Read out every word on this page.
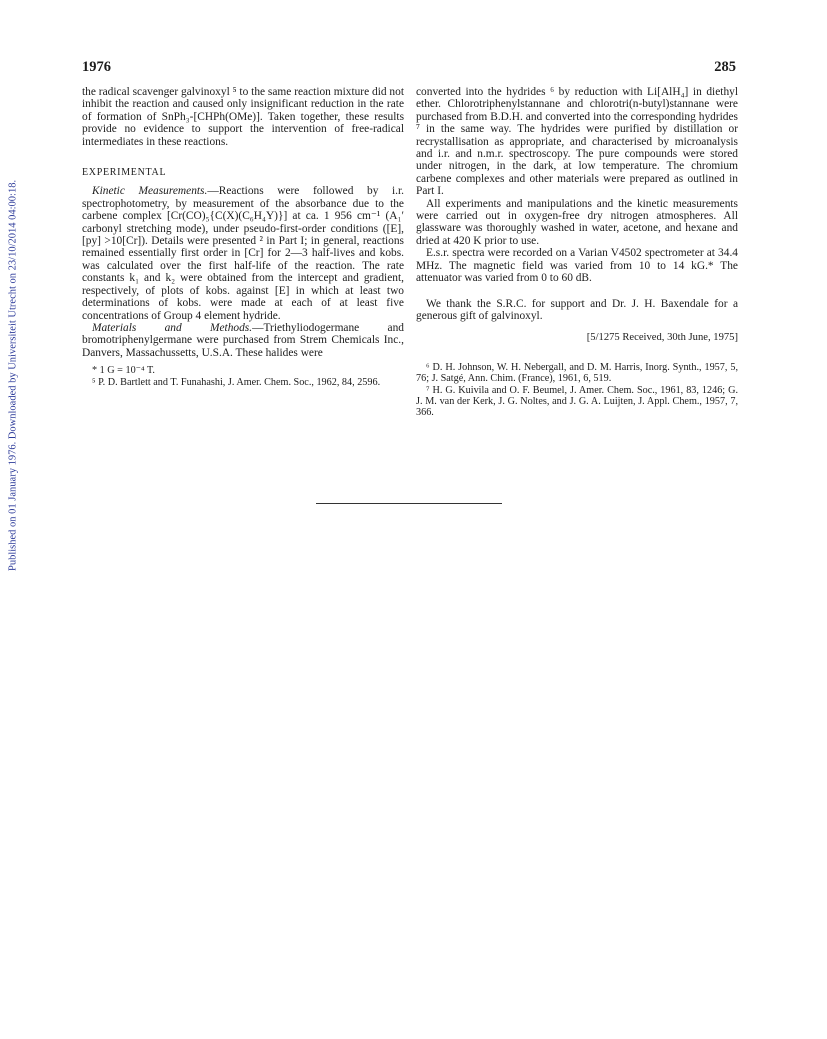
Published on 01 January 1976. Downloaded by Universiteit Utrecht on 23/10/2014 04:00:18.
1976	285

the radical scavenger galvinoxyl ⁵ to the same reaction mixture did not inhibit the reaction and caused only insignificant reduction in the rate of formation of SnPh₃-[CHPh(OMe)]. Taken together, these results provide no evidence to support the intervention of free-radical intermediates in these reactions.

EXPERIMENTAL

Kinetic Measurements.—Reactions were followed by i.r. spectrophotometry, by measurement of the absorbance due to the carbene complex [Cr(CO)₅{C(X)(C₆H₄Y)}] at ca. 1 956 cm⁻¹ (A₁′ carbonyl stretching mode), under pseudo-first-order conditions ([E], [py] >10[Cr]). Details were presented ² in Part I; in general, reactions remained essentially first order in [Cr] for 2—3 half-lives and kobs. was calculated over the first half-life of the reaction. The rate constants k₁ and k₂ were obtained from the intercept and gradient, respectively, of plots of kobs. against [E] in which at least two determinations of kobs. were made at each of at least five concentrations of Group 4 element hydride.

Materials and Methods.—Triethyliodogermane and bromotriphenylgermane were purchased from Strem Chemicals Inc., Danvers, Massachussetts, U.S.A. These halides were

* 1 G = 10⁻⁴ T.

⁵ P. D. Bartlett and T. Funahashi, J. Amer. Chem. Soc., 1962, 84, 2596.

converted into the hydrides ⁶ by reduction with Li[AlH₄] in diethyl ether. Chlorotriphenylstannane and chlorotri(n-butyl)stannane were purchased from B.D.H. and converted into the corresponding hydrides ⁷ in the same way. The hydrides were purified by distillation or recrystallisation as appropriate, and characterised by microanalysis and i.r. and n.m.r. spectroscopy. The pure compounds were stored under nitrogen, in the dark, at low temperature. The chromium carbene complexes and other materials were prepared as outlined in Part I.

All experiments and manipulations and the kinetic measurements were carried out in oxygen-free dry nitrogen atmospheres. All glassware was thoroughly washed in water, acetone, and hexane and dried at 420 K prior to use.

E.s.r. spectra were recorded on a Varian V4502 spectrometer at 34.4 MHz. The magnetic field was varied from 10 to 14 kG.* The attenuator was varied from 0 to 60 dB.

We thank the S.R.C. for support and Dr. J. H. Baxendale for a generous gift of galvinoxyl.

[5/1275 Received, 30th June, 1975]

⁶ D. H. Johnson, W. H. Nebergall, and D. M. Harris, Inorg. Synth., 1957, 5, 76; J. Satgé, Ann. Chim. (France), 1961, 6, 519.

⁷ H. G. Kuivila and O. F. Beumel, J. Amer. Chem. Soc., 1961, 83, 1246; G. J. M. van der Kerk, J. G. Noltes, and J. G. A. Luijten, J. Appl. Chem., 1957, 7, 366.
